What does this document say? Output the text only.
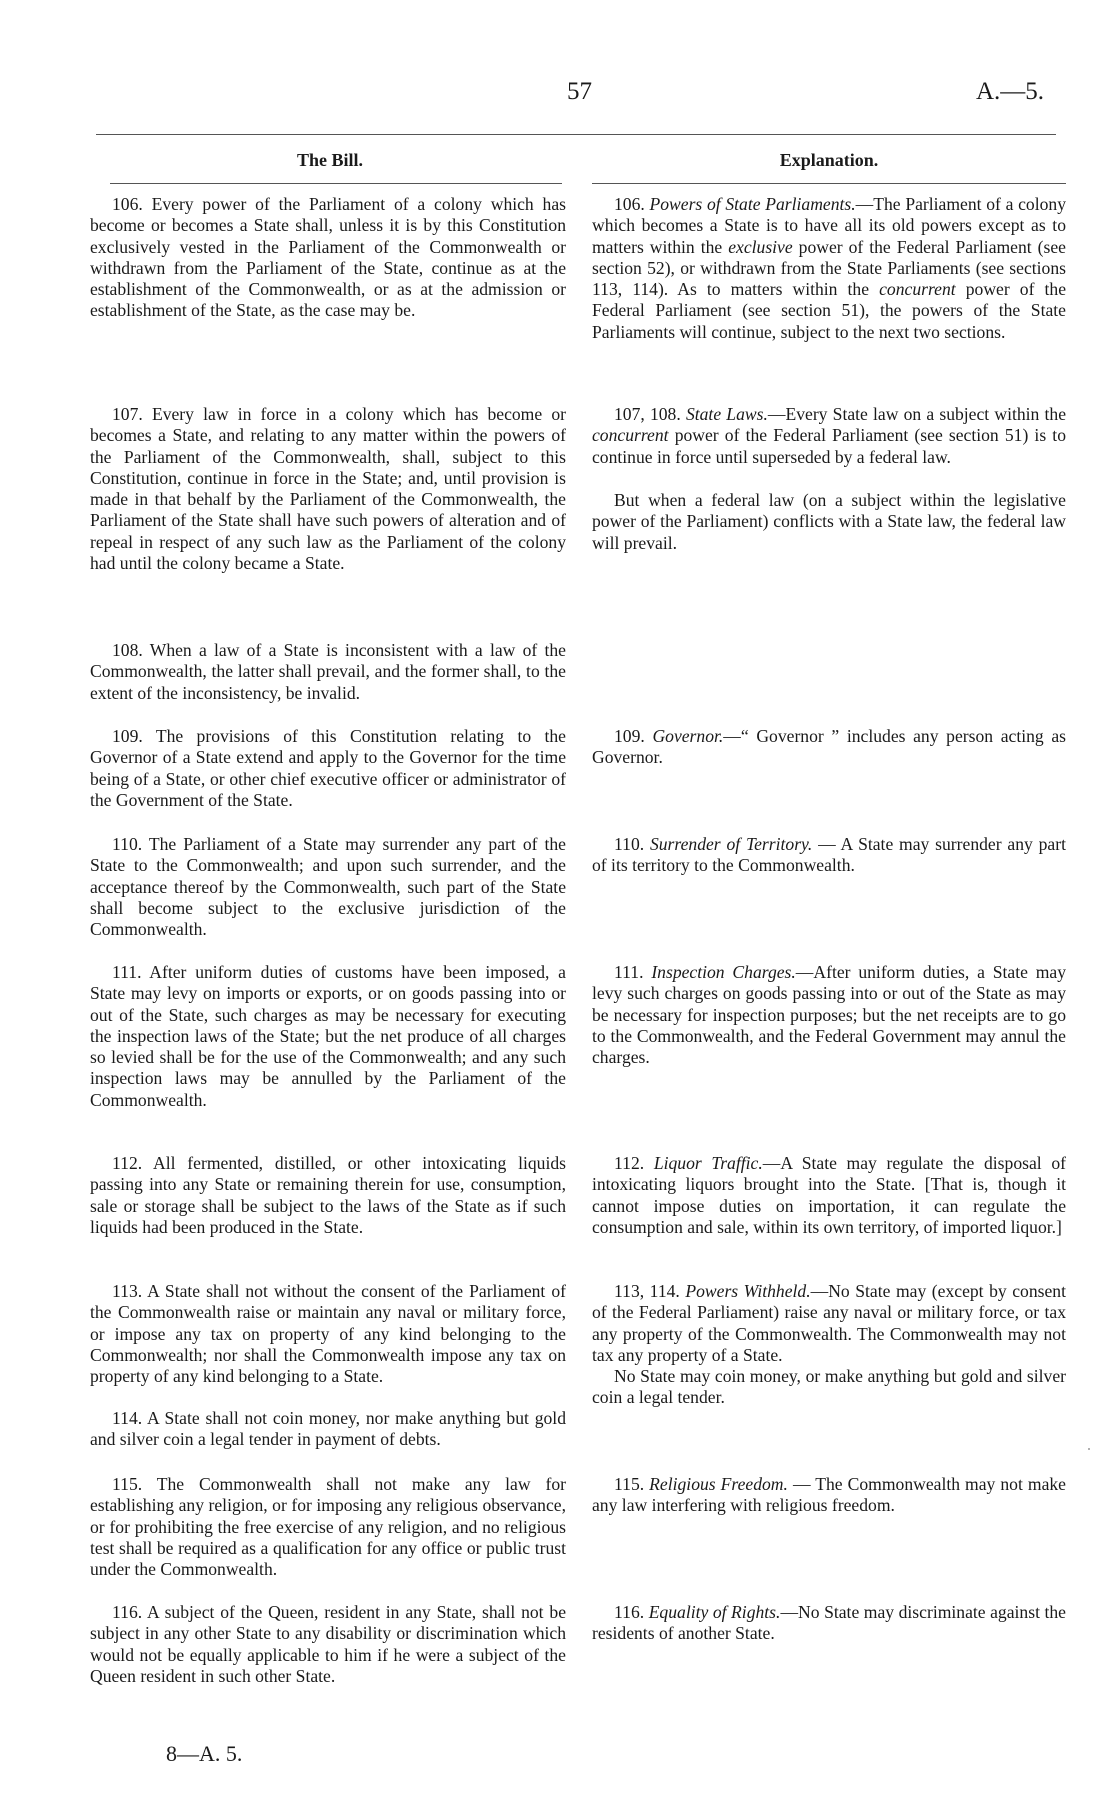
57	A.—5.
The Bill.	Explanation.

106. Every power of the Parliament of a colony which has become or becomes a State shall, unless it is by this Constitution exclusively vested in the Parliament of the Commonwealth or withdrawn from the Parliament of the State, continue as at the establishment of the Commonwealth, or as at the admission or establishment of the State, as the case may be.

107. Every law in force in a colony which has become or becomes a State, and relating to any matter within the powers of the Parliament of the Commonwealth, shall, subject to this Constitution, continue in force in the State; and, until provision is made in that behalf by the Parliament of the Commonwealth, the Parliament of the State shall have such powers of alteration and of repeal in respect of any such law as the Parliament of the colony had until the colony became a State.

108. When a law of a State is inconsistent with a law of the Commonwealth, the latter shall prevail, and the former shall, to the extent of the inconsistency, be invalid.

109. The provisions of this Constitution relating to the Governor of a State extend and apply to the Governor for the time being of a State, or other chief executive officer or administrator of the Government of the State.

110. The Parliament of a State may surrender any part of the State to the Commonwealth; and upon such surrender, and the acceptance thereof by the Commonwealth, such part of the State shall become subject to the exclusive jurisdiction of the Commonwealth.

111. After uniform duties of customs have been imposed, a State may levy on imports or exports, or on goods passing into or out of the State, such charges as may be necessary for executing the inspection laws of the State; but the net produce of all charges so levied shall be for the use of the Commonwealth; and any such inspection laws may be annulled by the Parliament of the Commonwealth.

112. All fermented, distilled, or other intoxicating liquids passing into any State or remaining therein for use, consumption, sale or storage shall be subject to the laws of the State as if such liquids had been produced in the State.

113. A State shall not without the consent of the Parliament of the Commonwealth raise or maintain any naval or military force, or impose any tax on property of any kind belonging to the Commonwealth; nor shall the Commonwealth impose any tax on property of any kind belonging to a State.

114. A State shall not coin money, nor make anything but gold and silver coin a legal tender in payment of debts.

115. The Commonwealth shall not make any law for establishing any religion, or for imposing any religious observance, or for prohibiting the free exercise of any religion, and no religious test shall be required as a qualification for any office or public trust under the Commonwealth.

116. A subject of the Queen, resident in any State, shall not be subject in any other State to any disability or discrimination which would not be equally applicable to him if he were a subject of the Queen resident in such other State.

106. Powers of State Parliaments.—The Parliament of a colony which becomes a State is to have all its old powers except as to matters within the exclusive power of the Federal Parliament (see section 52), or withdrawn from the State Parliaments (see sections 113, 114). As to matters within the concurrent power of the Federal Parliament (see section 51), the powers of the State Parliaments will continue, subject to the next two sections.

107, 108. State Laws.—Every State law on a subject within the concurrent power of the Federal Parliament (see section 51) is to continue in force until superseded by a federal law.

But when a federal law (on a subject within the legislative power of the Parliament) conflicts with a State law, the federal law will prevail.

109. Governor.—“ Governor ” includes any person acting as Governor.

110. Surrender of Territory. — A State may surrender any part of its territory to the Commonwealth.

111. Inspection Charges.—After uniform duties, a State may levy such charges on goods passing into or out of the State as may be necessary for inspection purposes; but the net receipts are to go to the Commonwealth, and the Federal Government may annul the charges.

112. Liquor Traffic.—A State may regulate the disposal of intoxicating liquors brought into the State. [That is, though it cannot impose duties on importation, it can regulate the consumption and sale, within its own territory, of imported liquor.]

113, 114. Powers Withheld.—No State may (except by consent of the Federal Parliament) raise any naval or military force, or tax any property of the Commonwealth. The Commonwealth may not tax any property of a State.

No State may coin money, or make anything but gold and silver coin a legal tender.

115. Religious Freedom. — The Commonwealth may not make any law interfering with religious freedom.

116. Equality of Rights.—No State may discriminate against the residents of another State.

8—A. 5.
